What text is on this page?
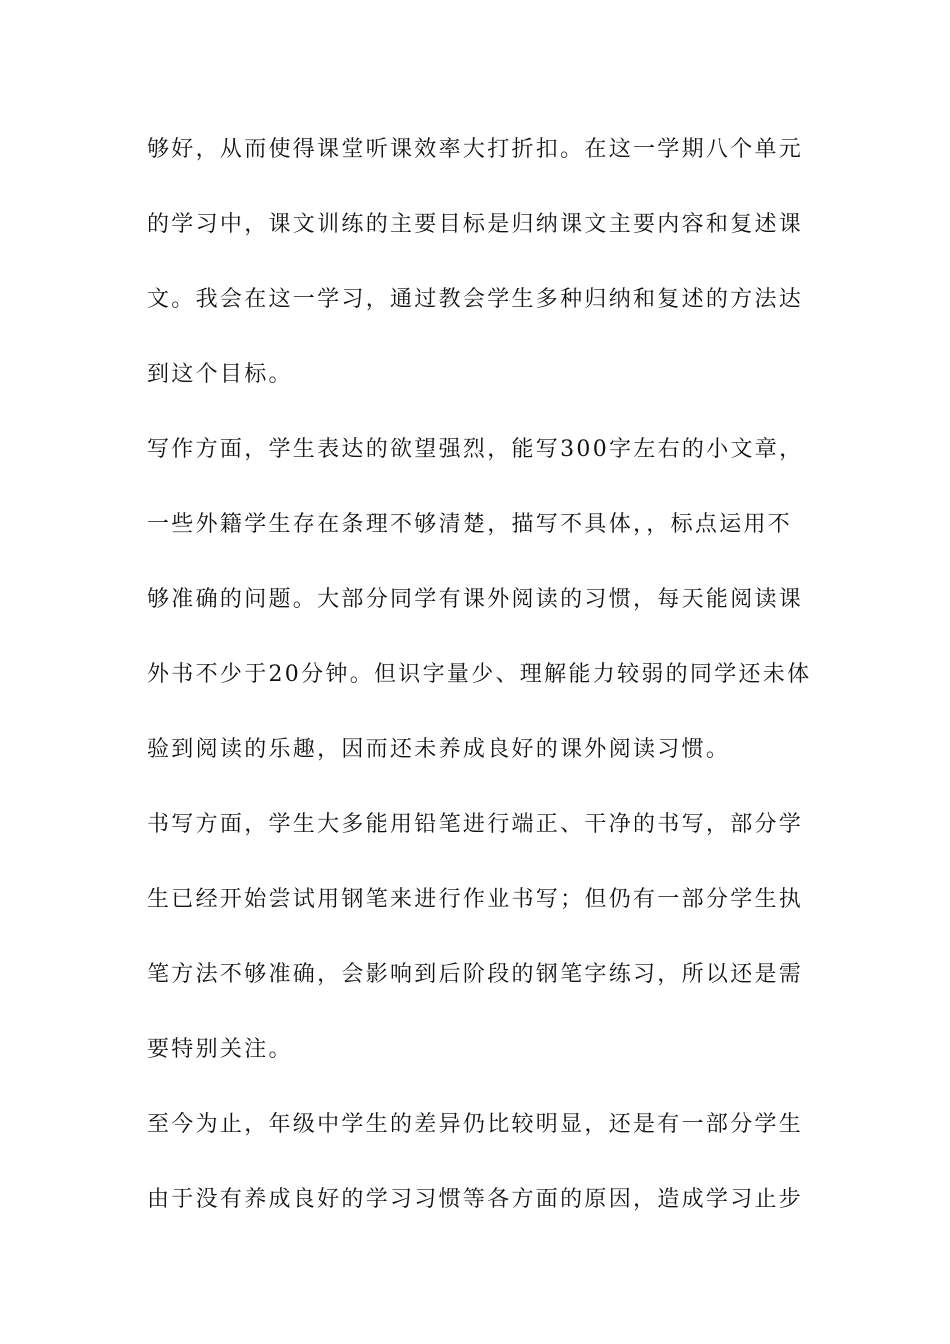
够好，从而使得课堂听课效率大打折扣。在这一学期八个单元
的学习中，课文训练的主要目标是归纳课文主要内容和复述课
文。我会在这一学习，通过教会学生多种归纳和复述的方法达
到这个目标。
写作方面，学生表达的欲望强烈，能写300字左右的小文章，
一些外籍学生存在条理不够清楚，描写不具体，，标点运用不
够准确的问题。大部分同学有课外阅读的习惯，每天能阅读课
外书不少于20分钟。但识字量少、理解能力较弱的同学还未体
验到阅读的乐趣，因而还未养成良好的课外阅读习惯。
书写方面，学生大多能用铅笔进行端正、干净的书写，部分学
生已经开始尝试用钢笔来进行作业书写；但仍有一部分学生执
笔方法不够准确，会影响到后阶段的钢笔字练习，所以还是需
要特别关注。
至今为止，年级中学生的差异仍比较明显，还是有一部分学生
由于没有养成良好的学习习惯等各方面的原因，造成学习止步
